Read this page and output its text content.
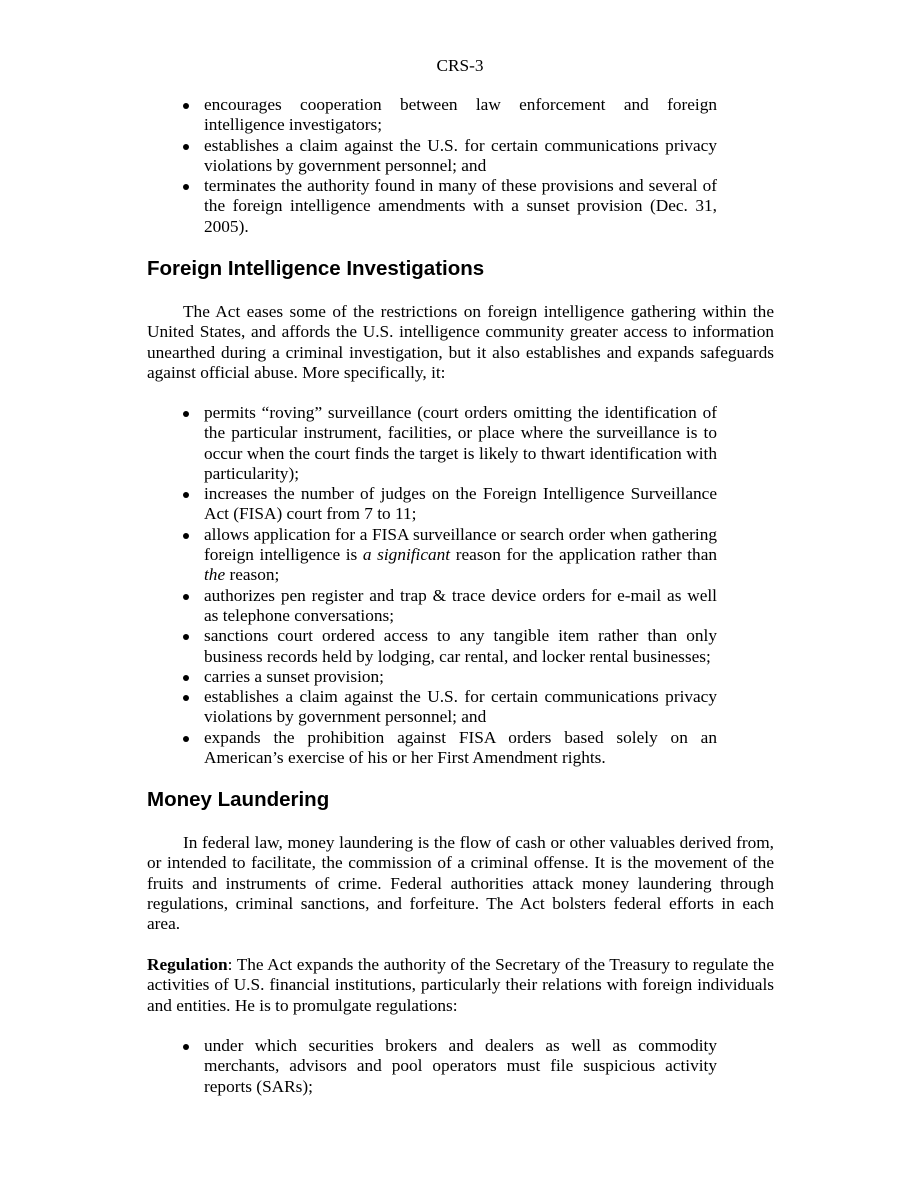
CRS-3
encourages cooperation between law enforcement and foreign intelligence investigators;
establishes a claim against the U.S. for certain communications privacy violations by government personnel; and
terminates the authority found in many of these provisions and several of the foreign intelligence amendments with a sunset provision (Dec. 31, 2005).
Foreign Intelligence Investigations

The Act eases some of the restrictions on foreign intelligence gathering within the United States, and affords the U.S. intelligence community greater access to information unearthed during a criminal investigation, but it also establishes and expands safeguards against official abuse. More specifically, it:

permits “roving” surveillance (court orders omitting the identification of the particular instrument, facilities, or place where the surveillance is to occur when the court finds the target is likely to thwart identification with particularity);
increases the number of judges on the Foreign Intelligence Surveillance Act (FISA) court from 7 to 11;
allows application for a FISA surveillance or search order when gathering foreign intelligence is a significant reason for the application rather than the reason;
authorizes pen register and trap & trace device orders for e-mail as well as telephone conversations;
sanctions court ordered access to any tangible item rather than only business records held by lodging, car rental, and locker rental businesses;
carries a sunset provision;
establishes a claim against the U.S. for certain communications privacy violations by government personnel; and
expands the prohibition against FISA orders based solely on an American’s exercise of his or her First Amendment rights.
Money Laundering

In federal law, money laundering is the flow of cash or other valuables derived from, or intended to facilitate, the commission of a criminal offense. It is the movement of the fruits and instruments of crime. Federal authorities attack money laundering through regulations, criminal sanctions, and forfeiture. The Act bolsters federal efforts in each area.

Regulation: The Act expands the authority of the Secretary of the Treasury to regulate the activities of U.S. financial institutions, particularly their relations with foreign individuals and entities. He is to promulgate regulations:

under which securities brokers and dealers as well as commodity merchants, advisors and pool operators must file suspicious activity reports (SARs);
